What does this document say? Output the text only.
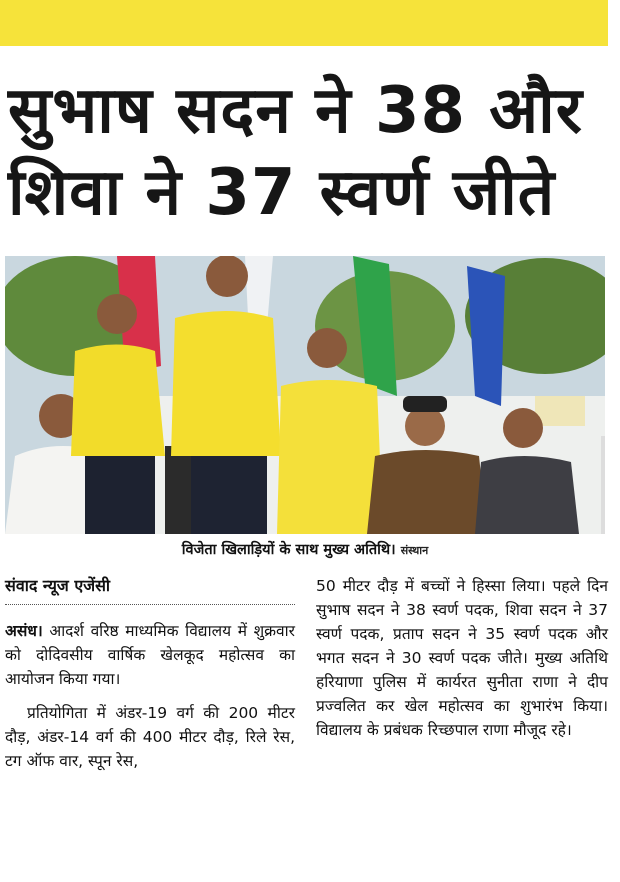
सुभाष सदन ने 38 और
शिवा ने 37 स्वर्ण जीते
विजेता खिलाड़ियों के साथ मुख्य अतिथि। संस्थान
संवाद न्यूज एजेंसी

असंध। आदर्श वरिष्ठ माध्यमिक विद्यालय में शुक्रवार को दोदिवसीय वार्षिक खेलकूद महोत्सव का आयोजन किया गया।

प्रतियोगिता में अंडर-19 वर्ग की 200 मीटर दौड़, अंडर-14 वर्ग की 400 मीटर दौड़, रिले रेस, टग ऑफ वार, स्पून रेस,

50 मीटर दौड़ में बच्चों ने हिस्सा लिया। पहले दिन सुभाष सदन ने 38 स्वर्ण पदक, शिवा सदन ने 37 स्वर्ण पदक, प्रताप सदन ने 35 स्वर्ण पदक और भगत सदन ने 30 स्वर्ण पदक जीते। मुख्य अतिथि हरियाणा पुलिस में कार्यरत सुनीता राणा ने दीप प्रज्वलित कर खेल महोत्सव का शुभारंभ किया। विद्यालय के प्रबंधक रिच्छपाल राणा मौजूद रहे।
